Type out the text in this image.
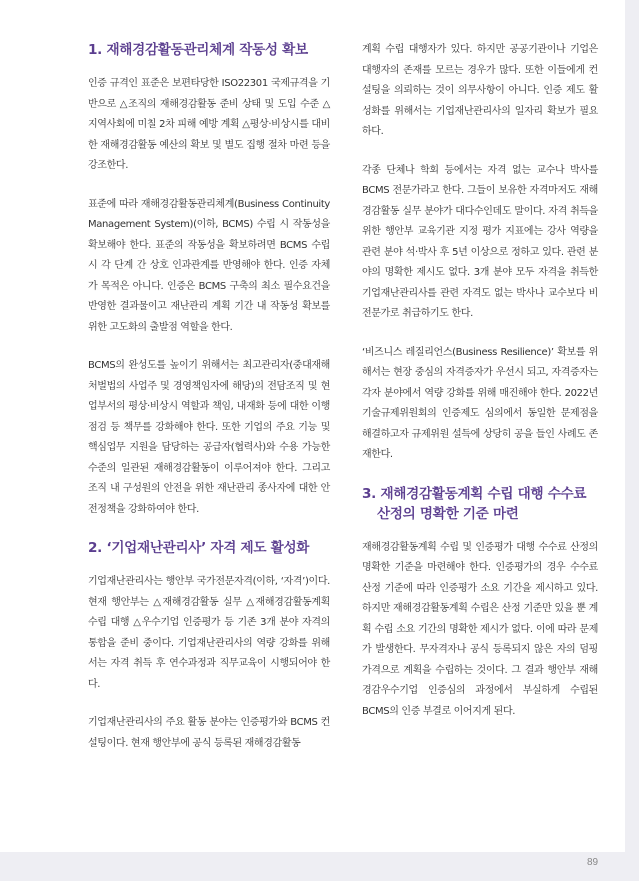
1. 재해경감활동관리체계 작동성 확보

인증 규격인 표준은 보편타당한 ISO22301 국제규격을 기반으로 △조직의 재해경감활동 준비 상태 및 도입 수준 △지역사회에 미칠 2차 피해 예방 계획 △평상·비상시를 대비한 재해경감활동 예산의 확보 및 별도 집행 절차 마련 등을 강조한다.

표준에 따라 재해경감활동관리체계(Business Continuity Management System)(이하, BCMS) 수립 시 작동성을 확보해야 한다. 표준의 작동성을 확보하려면 BCMS 수립 시 각 단계 간 상호 인과관계를 반영해야 한다. 인증 자체가 목적은 아니다. 인증은 BCMS 구축의 최소 필수요건을 반영한 결과물이고 재난관리 계획 기간 내 작동성 확보를 위한 고도화의 출발점 역할을 한다.

BCMS의 완성도를 높이기 위해서는 최고관리자(중대재해처벌법의 사업주 및 경영책임자에 해당)의 전담조직 및 현업부서의 평상·비상시 역할과 책임, 내재화 등에 대한 이행점검 등 책무를 강화해야 한다. 또한 기업의 주요 기능 및 핵심업무 지원을 담당하는 공급자(협력사)와 수용 가능한 수준의 일관된 재해경감활동이 이루어져야 한다. 그리고 조직 내 구성원의 안전을 위한 재난관리 종사자에 대한 안전정책을 강화하여야 한다.

2. ‘기업재난관리사’ 자격 제도 활성화

기업재난관리사는 행안부 국가전문자격(이하, ‘자격’)이다. 현재 행안부는 △재해경감활동 실무 △재해경감활동계획 수립 대행 △우수기업 인증평가 등 기존 3개 분야 자격의 통합을 준비 중이다. 기업재난관리사의 역량 강화를 위해서는 자격 취득 후 연수과정과 직무교육이 시행되어야 한다.

기업재난관리사의 주요 활동 분야는 인증평가와 BCMS 컨설팅이다. 현재 행안부에 공식 등록된 재해경감활동

계획 수립 대행자가 있다. 하지만 공공기관이나 기업은 대행자의 존재를 모르는 경우가 많다. 또한 이들에게 컨설팅을 의뢰하는 것이 의무사항이 아니다. 인증 제도 활성화를 위해서는 기업재난관리사의 일자리 확보가 필요하다.

각종 단체나 학회 등에서는 자격 없는 교수나 박사를 BCMS 전문가라고 한다. 그들이 보유한 자격마저도 재해경감활동 실무 분야가 대다수인데도 말이다. 자격 취득을 위한 행안부 교육기관 지정 평가 지표에는 강사 역량을 관련 분야 석·박사 후 5년 이상으로 정하고 있다. 관련 분야의 명확한 제시도 없다. 3개 분야 모두 자격을 취득한 기업재난관리사를 관련 자격도 없는 박사나 교수보다 비전문가로 취급하기도 한다.

‘비즈니스 레질리언스(Business Resilience)’ 확보를 위해서는 현장 중심의 자격증자가 우선시 되고, 자격증자는 각자 분야에서 역량 강화를 위해 매진해야 한다. 2022년 기술규제위원회의 인증제도 심의에서 동일한 문제점을 해결하고자 규제위원 설득에 상당히 공을 들인 사례도 존재한다.

3. 재해경감활동계획 수립 대행 수수료
산정의 명확한 기준 마련

재해경감활동계획 수립 및 인증평가 대행 수수료 산정의 명확한 기준을 마련해야 한다. 인증평가의 경우 수수료 산정 기준에 따라 인증평가 소요 기간을 제시하고 있다. 하지만 재해경감활동계획 수립은 산정 기준만 있을 뿐 계획 수립 소요 기간의 명확한 제시가 없다. 이에 따라 문제가 발생한다. 무자격자나 공식 등록되지 않은 자의 덤핑 가격으로 계획을 수립하는 것이다. 그 결과 행안부 재해경감우수기업 인증심의 과정에서 부실하게 수립된 BCMS의 인증 부결로 이어지게 된다.

89
